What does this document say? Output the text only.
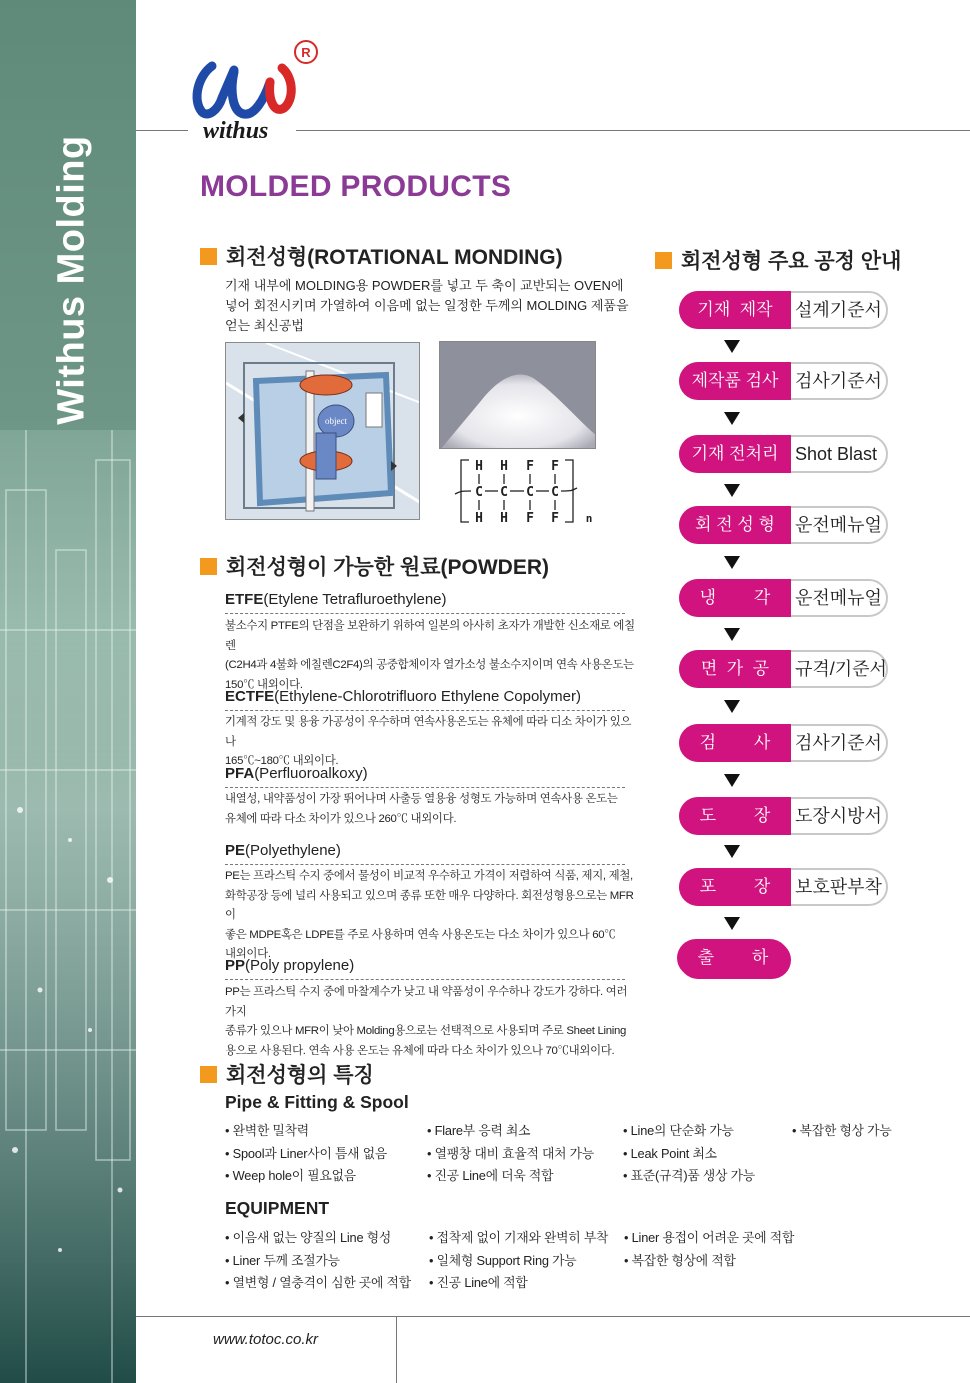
Withus Molding
R
withus
MOLDED PRODUCTS
회전성형(ROTATIONAL MONDING)
기재 내부에 MOLDING용 POWDER를 넣고 두 축이 교반되는 OVEN에
넣어 회전시키며 가열하여 이음메 없는 일정한 두께의 MOLDING 제품을
얻는 최신공법
object
H H F F
C C C C
H H F F n
회전성형이 가능한 원료(POWDER)
ETFE(Etylene Tetrafluroethylene)
불소수지 PTFE의 단점을 보완하기 위하여 일본의 아사히 초자가 개발한 신소재로 에칠렌
(C2H4과 4불화 에칠렌C2F4)의 공중합체이자 열가소성 불소수지이며 연속 사용온도는
150℃ 내외이다.
ECTFE(Ethylene-Chlorotrifluoro Ethylene Copolymer)
기계적 강도 및 용융 가공성이 우수하며 연속사용온도는 유체에 따라 디소 차이가 있으나
165℃~180℃ 내외이다.
PFA(Perfluoroalkoxy)
내열성, 내약품성이 가장 뛰어나며 사출등 열용융 성형도 가능하며 연속사용 온도는
유체에 따라 다소 차이가 있으나 260℃ 내외이다.
PE(Polyethylene)
PE는 프라스틱 수지 중에서 물성이 비교적 우수하고 가격이 저렴하여 식품, 제지, 제철,
화학공장 등에 널리 사용되고 있으며 종류 또한 매우 다양하다. 회전성형용으로는 MFR이
좋은 MDPE혹은 LDPE를 주로 사용하며 연속 사용온도는 다소 차이가 있으나 60℃
내외이다.
PP(Poly propylene)
PP는 프라스틱 수지 중에 마찰계수가 낮고 내 약품성이 우수하나 강도가 강하다. 여러가지
종류가 있으나 MFR이 낮아 Molding용으로는 선택적으로 사용되며 주로 Sheet Lining
용으로 사용된다. 연속 사용 온도는 유체에 따라 다소 차이가 있으나 70℃내외이다.
회전성형의 특징
Pipe & Fitting & Spool
• 완벽한 밀착력
• Spool과 Liner사이 틈새 없음
• Weep hole이 필요없음
• Flare부 응력 최소
• 열팽창 대비 효율적 대처 가능
• 진공 Line에 더욱 적합
• Line의 단순화 가능
• Leak Point 최소
• 표준(규격)품 생상 가능
• 복잡한 형상 가능
EQUIPMENT
• 이음새 없는 양질의 Line 형성
• Liner 두께 조절가능
• 열변형 / 열충격이 심한 곳에 적합
• 접착제 없이 기재와 완벽히 부착
• 일체형 Support Ring 가능
• 진공 Line에 적합
• Liner 용접이 어려운 곳에 적합
• 복잡한 형상에 적합
회전성형 주요 공정 안내
기재  제작	설계기준서
제작품 검사 검사기준서
기재 전처리 Shot Blast
회 전 성 형	운전메뉴얼
냉        각	운전메뉴얼
면  가  공	규격/기준서
검        사	검사기준서
도        장	도장시방서
포        장	보호판부착
출        하
www.totoc.co.kr
